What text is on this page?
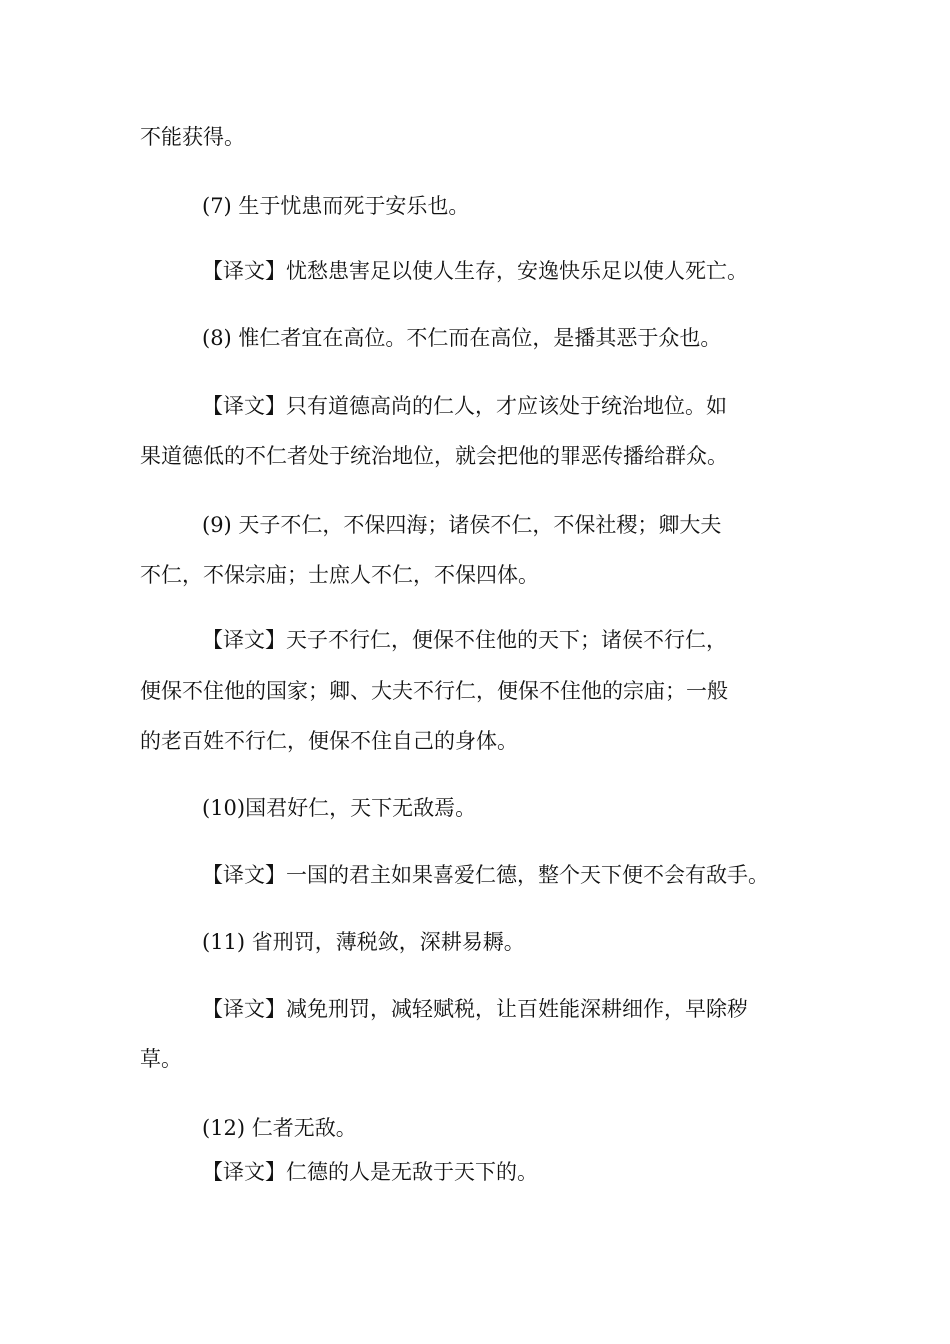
不能获得。
(7) 生于忧患而死于安乐也。
【译文】忧愁患害足以使人生存，安逸快乐足以使人死亡。
(8) 惟仁者宜在高位。不仁而在高位，是播其恶于众也。
【译文】只有道德高尚的仁人，才应该处于统治地位。如
果道德低的不仁者处于统治地位，就会把他的罪恶传播给群众。
(9) 天子不仁，不保四海；诸侯不仁，不保社稷；卿大夫
不仁，不保宗庙；士庶人不仁，不保四体。
【译文】天子不行仁，便保不住他的天下；诸侯不行仁，
便保不住他的国家；卿、大夫不行仁，便保不住他的宗庙；一般
的老百姓不行仁，便保不住自己的身体。
(10)国君好仁，天下无敌焉。
【译文】一国的君主如果喜爱仁德，整个天下便不会有敌手。
(11) 省刑罚，薄税敛，深耕易耨。
【译文】减免刑罚，减轻赋税，让百姓能深耕细作，早除秽
草。
(12) 仁者无敌。
【译文】仁德的人是无敌于天下的。
